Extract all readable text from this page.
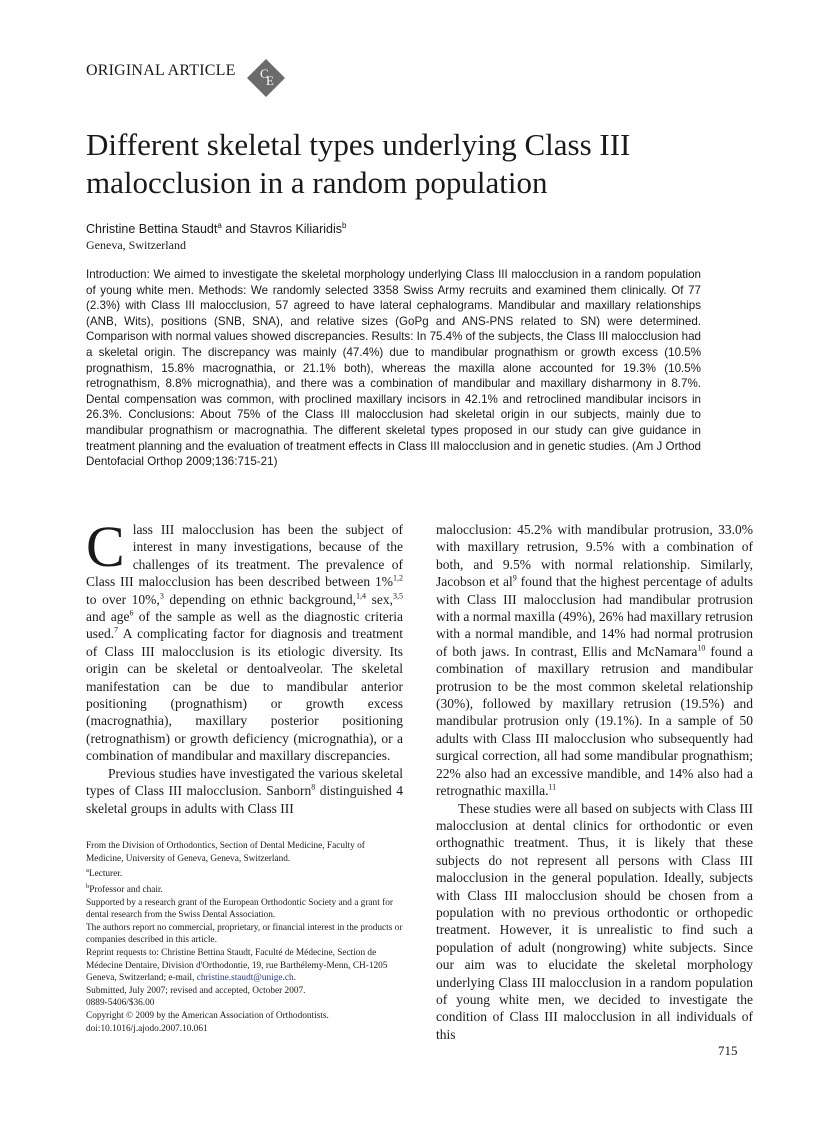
ORIGINAL ARTICLE C
E
Different skeletal types underlying Class III malocclusion in a random population
Christine Bettina Staudt$^a$ and Stavros Kiliaridis$^b$
Geneva, Switzerland

Introduction: We aimed to investigate the skeletal morphology underlying Class III malocclusion in a random population of young white men. Methods: We randomly selected 3358 Swiss Army recruits and examined them clinically. Of 77 (2.3%) with Class III malocclusion, 57 agreed to have lateral cephalograms. Mandibular and maxillary relationships (ANB, Wits), positions (SNB, SNA), and relative sizes (GoPg and ANS-PNS related to SN) were determined. Comparison with normal values showed discrepancies. Results: In 75.4% of the subjects, the Class III malocclusion had a skeletal origin. The discrepancy was mainly (47.4%) due to mandibular prognathism or growth excess (10.5% prognathism, 15.8% macrognathia, or 21.1% both), whereas the maxilla alone accounted for 19.3% (10.5% retrognathism, 8.8% micrognathia), and there was a combination of mandibular and maxillary disharmony in 8.7%. Dental compensation was common, with proclined maxillary incisors in 42.1% and retroclined mandibular incisors in 26.3%. Conclusions: About 75% of the Class III malocclusion had skeletal origin in our subjects, mainly due to mandibular prognathism or macrognathia. The different skeletal types proposed in our study can give guidance in treatment planning and the evaluation of treatment effects in Class III malocclusion and in genetic studies. (Am J Orthod Dentofacial Orthop 2009;136:715-21)

Class III malocclusion has been the subject of interest in many investigations, because of the challenges of its treatment. The prevalence of Class III malocclusion has been described between 1%$^{1,2}$ to over 10%,$^3$ depending on ethnic background,$^{1,4}$ sex,$^{3,5}$ and age$^6$ of the sample as well as the diagnostic criteria used.$^7$ A complicating factor for diagnosis and treatment of Class III malocclusion is its etiologic diversity. Its origin can be skeletal or dentoalveolar. The skeletal manifestation can be due to mandibular anterior positioning (prognathism) or growth excess (macrognathia), maxillary posterior positioning (retrognathism) or growth deficiency (micrognathia), or a combination of mandibular and maxillary discrepancies.

Previous studies have investigated the various skeletal types of Class III malocclusion. Sanborn$^8$ distinguished 4 skeletal groups in adults with Class III

malocclusion: 45.2% with mandibular protrusion, 33.0% with maxillary retrusion, 9.5% with a combination of both, and 9.5% with normal relationship. Similarly, Jacobson et $al^9$ found that the highest percentage of adults with Class III malocclusion had mandibular protrusion with a normal maxilla (49%), 26% had maxillary retrusion with a normal mandible, and 14% had normal protrusion of both jaws. In contrast, Ellis and McNamara$^{10}$ found a combination of maxillary retrusion and mandibular protrusion to be the most common skeletal relationship (30%), followed by maxillary retrusion (19.5%) and mandibular protrusion only (19.1%). In a sample of 50 adults with Class III malocclusion who subsequently had surgical correction, all had some mandibular prognathism; 22% also had an excessive mandible, and 14% also had a retrognathic maxilla.$^{11}$

These studies were all based on subjects with Class III malocclusion at dental clinics for orthodontic or even orthognathic treatment. Thus, it is likely that these subjects do not represent all persons with Class III malocclusion in the general population. Ideally, subjects with Class III malocclusion should be chosen from a population with no previous orthodontic or orthopedic treatment. However, it is unrealistic to find such a population of adult (nongrowing) white subjects. Since our aim was to elucidate the skeletal morphology underlying Class III malocclusion in a random population of young white men, we decided to investigate the condition of Class III malocclusion in all individuals of this

From the Division of Orthodontics, Section of Dental Medicine, Faculty of Medicine, University of Geneva, Geneva, Switzerland.
$^a$Lecturer.
$^b$Professor and chair.
Supported by a research grant of the European Orthodontic Society and a grant for dental research from the Swiss Dental Association.
The authors report no commercial, proprietary, or financial interest in the products or companies described in this article.
Reprint requests to: Christine Bettina Staudt, Faculté de Médecine, Section de Médecine Dentaire, Division d'Orthodontie, 19, rue Barthélemy-Menn, CH-1205 Geneva, Switzerland; e-mail, christine.staudt@unige.ch.
Submitted, July 2007; revised and accepted, October 2007.
0889-5406/$36.00
Copyright © 2009 by the American Association of Orthodontists.
doi:10.1016/j.ajodo.2007.10.061
715
